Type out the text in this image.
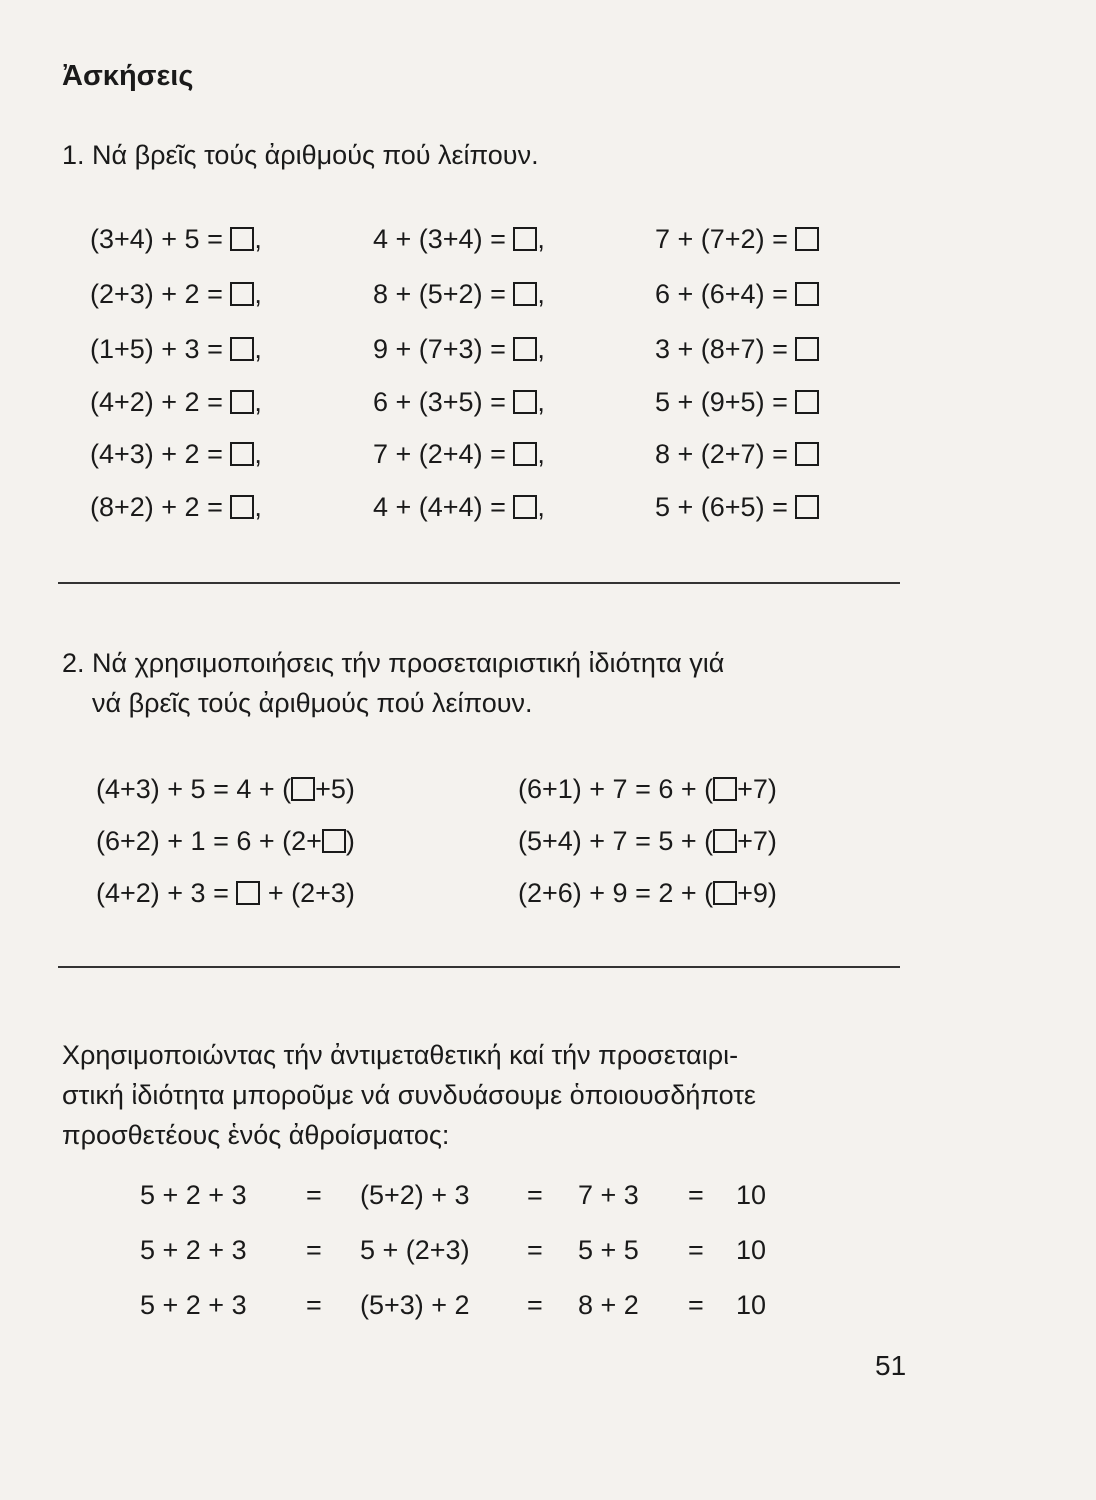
Ἀσκήσεις
1. Νά βρεῖς τούς ἀριθμούς πού λείπουν.
(3+4) + 5 = ,
(2+3) + 2 = ,
(1+5) + 3 = ,
(4+2) + 2 = ,
(4+3) + 2 = ,
(8+2) + 2 = ,
4 + (3+4) = ,
8 + (5+2) = ,
9 + (7+3) = ,
6 + (3+5) = ,
7 + (2+4) = ,
4 + (4+4) = ,
7 + (7+2) =
6 + (6+4) =
3 + (8+7) =
5 + (9+5) =
8 + (2+7) =
5 + (6+5) =
2. Νά χρησιμοποιήσεις τήν προσεταιριστική ἰδιότητα γιά
νά βρεῖς τούς ἀριθμούς πού λείπουν.
(4+3) + 5 = 4 + ( +5)
(6+2) + 1 = 6 + (2+ )
(4+2) + 3 =  + (2+3)
(6+1) + 7 = 6 + ( +7)
(5+4) + 7 = 5 + ( +7)
(2+6) + 9 = 2 + ( +9)
Χρησιμοποιώντας τήν ἀντιμεταθετική καί τήν προσεταιρι-
στική ἰδιότητα μποροῦμε νά συνδυάσουμε ὁποιουσδήποτε
προσθετέους ἑνός ἀθροίσματος:
5 + 2 + 3 = (5+2) + 3 = 7 + 3 = 10
5 + 2 + 3 = 5 + (2+3) = 5 + 5 = 10
5 + 2 + 3 = (5+3) + 2 = 8 + 2 = 10
51
